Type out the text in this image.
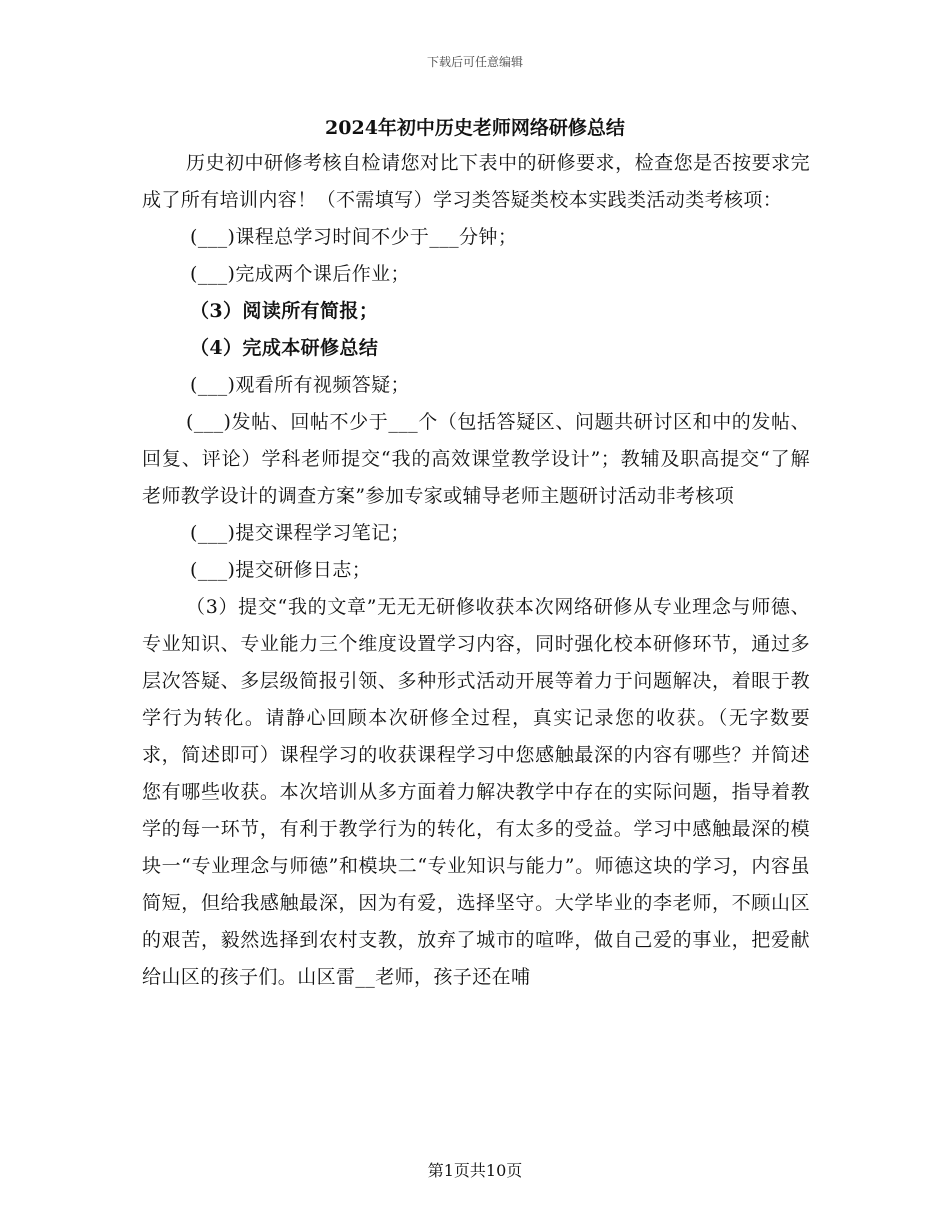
下载后可任意编辑
2024年初中历史老师网络研修总结

历史初中研修考核自检请您对比下表中的研修要求，检查您是否按要求完成了所有培训内容！（不需填写）学习类答疑类校本实践类活动类考核项：

(___)课程总学习时间不少于___分钟；

(___)完成两个课后作业；

（3）阅读所有简报；

（4）完成本研修总结

(___)观看所有视频答疑；

(___)发帖、回帖不少于___个（包括答疑区、问题共研讨区和中的发帖、回复、评论）学科老师提交“我的高效课堂教学设计”；教辅及职高提交“了解老师教学设计的调查方案”参加专家或辅导老师主题研讨活动非考核项

(___)提交课程学习笔记；

(___)提交研修日志；

（3）提交“我的文章”无无无研修收获本次网络研修从专业理念与师德、专业知识、专业能力三个维度设置学习内容，同时强化校本研修环节，通过多层次答疑、多层级简报引领、多种形式活动开展等着力于问题解决，着眼于教学行为转化。请静心回顾本次研修全过程，真实记录您的收获。（无字数要求，简述即可）课程学习的收获课程学习中您感触最深的内容有哪些？并简述您有哪些收获。本次培训从多方面着力解决教学中存在的实际问题，指导着教学的每一环节，有利于教学行为的转化，有太多的受益。学习中感触最深的模块一“专业理念与师德”和模块二“专业知识与能力”。师德这块的学习，内容虽简短，但给我感触最深，因为有爱，选择坚守。大学毕业的李老师，不顾山区的艰苦，毅然选择到农村支教，放弃了城市的喧哗，做自己爱的事业，把爱献给山区的孩子们。山区雷__老师，孩子还在哺

第1页共10页
